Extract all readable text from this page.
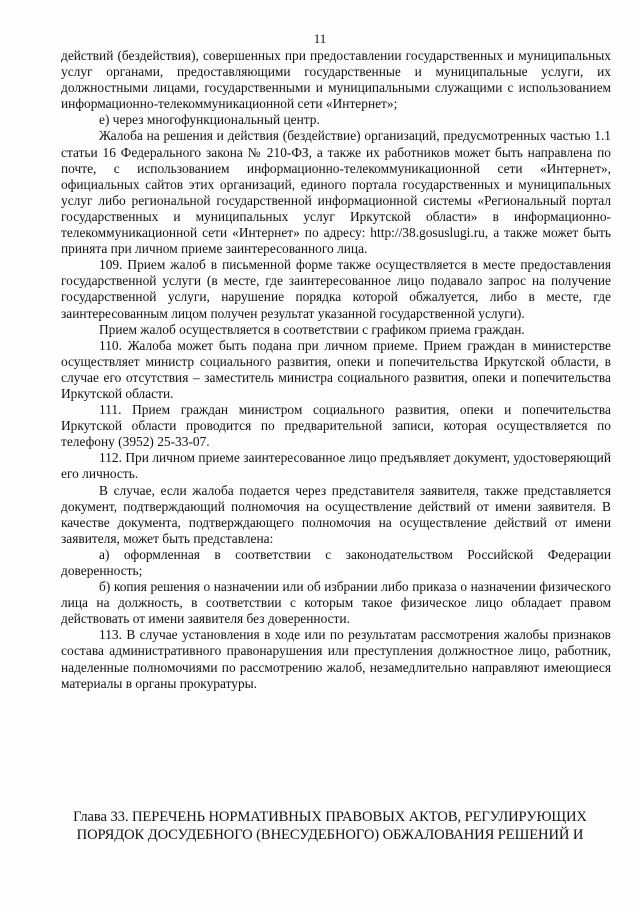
11

действий (бездействия), совершенных при предоставлении государственных и муниципальных услуг органами, предоставляющими государственные и муниципальные услуги, их должностными лицами, государственными и муниципальными служащими с использованием информационно-телекоммуникационной сети «Интернет»;

е) через многофункциональный центр.

Жалоба на решения и действия (бездействие) организаций, предусмотренных частью 1.1 статьи 16 Федерального закона № 210-ФЗ, а также их работников может быть направлена по почте, с использованием информационно-телекоммуникационной сети «Интернет», официальных сайтов этих организаций, единого портала государственных и муниципальных услуг либо региональной государственной информационной системы «Региональный портал государственных и муниципальных услуг Иркутской области» в информационно-телекоммуникационной сети «Интернет» по адресу: http://38.gosuslugi.ru, а также может быть принята при личном приеме заинтересованного лица.

109. Прием жалоб в письменной форме также осуществляется в месте предоставления государственной услуги (в месте, где заинтересованное лицо подавало запрос на получение государственной услуги, нарушение порядка которой обжалуется, либо в месте, где заинтересованным лицом получен результат указанной государственной услуги).

Прием жалоб осуществляется в соответствии с графиком приема граждан.

110. Жалоба может быть подана при личном приеме. Прием граждан в министерстве осуществляет министр социального развития, опеки и попечительства Иркутской области, в случае его отсутствия – заместитель министра социального развития, опеки и попечительства Иркутской области.

111. Прием граждан министром социального развития, опеки и попечительства Иркутской области проводится по предварительной записи, которая осуществляется по телефону (3952) 25-33-07.

112. При личном приеме заинтересованное лицо предъявляет документ, удостоверяющий его личность.

В случае, если жалоба подается через представителя заявителя, также представляется документ, подтверждающий полномочия на осуществление действий от имени заявителя. В качестве документа, подтверждающего полномочия на осуществление действий от имени заявителя, может быть представлена:

а) оформленная в соответствии с законодательством Российской Федерации доверенность;

б) копия решения о назначении или об избрании либо приказа о назначении физического лица на должность, в соответствии с которым такое физическое лицо обладает правом действовать от имени заявителя без доверенности.

113. В случае установления в ходе или по результатам рассмотрения жалобы признаков состава административного правонарушения или преступления должностное лицо, работник, наделенные полномочиями по рассмотрению жалоб, незамедлительно направляют имеющиеся материалы в органы прокуратуры.

Глава 33. ПЕРЕЧЕНЬ НОРМАТИВНЫХ ПРАВОВЫХ АКТОВ, РЕГУЛИРУЮЩИХ

ПОРЯДОК ДОСУДЕБНОГО (ВНЕСУДЕБНОГО) ОБЖАЛОВАНИЯ РЕШЕНИЙ И
